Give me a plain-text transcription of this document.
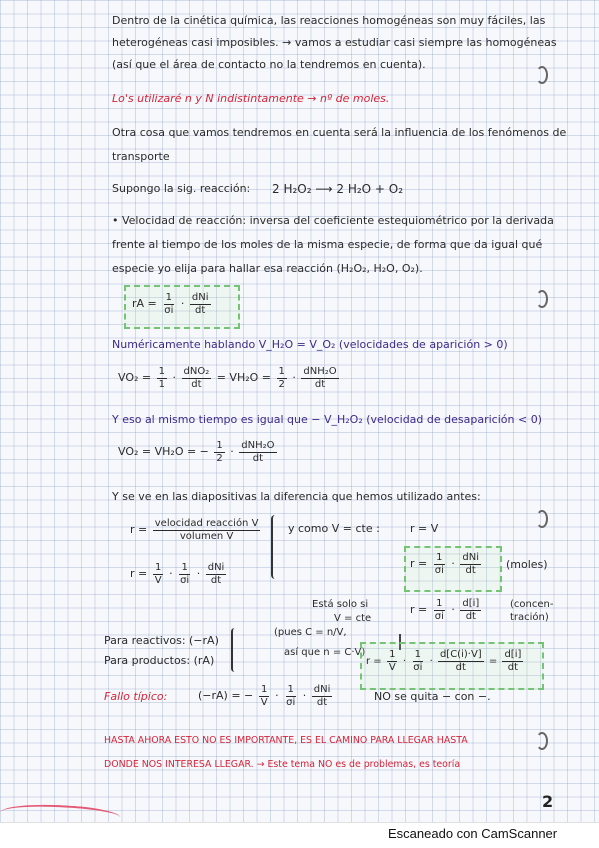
Dentro de la cinética química, las reacciones homogéneas son muy fáciles, las
heterogéneas casi imposibles. → vamos a estudiar casi siempre las homogéneas
(así que el área de contacto no la tendremos en cuenta).
Lo's utilizaré n y N indistintamente → nº de moles.
Otra cosa que vamos tendremos en cuenta será la influencia de los fenómenos de
transporte
Supongo la sig. reacción: 2 H₂O₂ ⟶ 2 H₂O + O₂
• Velocidad de reacción: inversa del coeficiente estequiométrico por la derivada
frente al tiempo de los moles de la misma especie, de forma que da igual qué
especie yo elija para hallar esa reacción (H₂O₂, H₂O, O₂).
rA = $\frac{1}{\sigma i} \cdot \frac{\text{dNi}}{dt}$
Numéricamente hablando V_H₂O = V_O₂ (velocidades de aparición > 0)
$VO_2 = \frac{1}{1} \cdot \frac{\text{dNO₂}}{dt} = VH_2O = \frac{1}{2} \cdot \frac{\text{dNH₂O}}{dt}$
Y eso al mismo tiempo es igual que − V_H₂O₂ (velocidad de desaparición < 0)
VO₂ = VH₂O = − $\frac{1}{2} \cdot \frac{\text{dNH₂O}}{dt}$
Y se ve en las diapositivas la diferencia que hemos utilizado antes:
$r = \frac{\text{velocidad reacción V}}{\text{volumen V}}$	y como V = cte :	r = V
$r = \frac{1}{V} \cdot \frac{1}{\sigma i} \cdot \frac{\text{dNi}}{dt}$	$r = \frac{1}{\sigma i} \cdot \frac{\text{dNi}}{dt}$ (moles)
Está solo si
V = cte
$r = \frac{1}{\sigma i} \cdot \frac{d[i]}{dt}$	(concen-tración)
(pues C = n/V,
así que n = C·V)
Para reactivos: (−rA)
Para productos: (rA)	$r = \frac{1}{V} \cdot \frac{1}{\sigma i} \cdot \frac{d[C(i)\cdot V]}{dt} = \frac{d[i]}{dt}$
Fallo típico:	(−rA) = − $\frac{1}{V} \cdot \frac{1}{\sigma i} \cdot \frac{\text{dNi}}{dt}$	NO se quita − con −.
HASTA AHORA ESTO NO ES IMPORTANTE, ES EL CAMINO PARA LLEGAR HASTA
DONDE NOS INTERESA LLEGAR. → Este tema NO es de problemas, es teoría
2
Escaneado con CamScanner
